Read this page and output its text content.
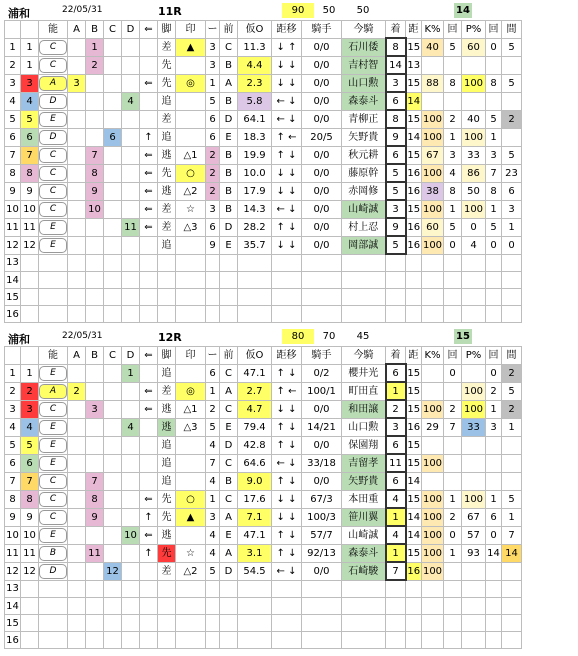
浦和	22/05/31	11R	90	50 50	14
		能	A	B	C	D	⇐	脚	印	ー	前	仮O	距移	騎手	今騎	着	距	K%	回	P%	回	間
1	1	C		1				差	▲	3	C	11.3	↓ ↑	0/0	石川倭	8	15	40	5	60	0	5
2	1	C		2				先		3	B	4.4	↓ ↓	0/0	吉村智	14	13					
3	3	A	3				⇐	先	◎	1	A	2.3	↓ ↓	0/0	山口勲	3	15	88	8	100	8	5
4	4	D				4		追		5	B	5.8	← ↓	0/0	森泰斗	6	14					
5	5	E						差		6	D	64.1	← ↓	0/0	青柳正	8	15	100	2	40	5	2
6	6	D			6		↑	追		6	E	18.3	↑ ←	20/5	矢野貴	9	14	100	1	100	1	
7	7	C		7			⇐	逃	△1	2	B	19.9	↑ ↓	0/0	秋元耕	6	15	67	3	33	3	5
8	8	C		8			⇐	先	○	2	B	10.0	↓ ↓	0/0	藤原幹	5	16	100	4	86	7	23
9	9	C		9			⇐	逃	△2	2	B	17.9	↓ ↓	0/0	赤岡修	5	16	38	8	50	8	6
10	10	C		10			⇐	差	☆	3	B	14.3	← ↓	0/0	山崎誠	3	15	100	1	100	1	3
11	11	E				11	⇐	差	△3	6	D	28.2	↑ ↓	0/0	村上忍	9	16	60	5	0	5	1
12	12	E						追		9	E	35.7	↓ ↓	0/0	岡部誠	5	16	100	0	4	0	0
13																						
14																						
15																						
16																						
浦和	22/05/31	12R	80	70 45	15
		能	A	B	C	D	⇐	脚	印	ー	前	仮O	距移	騎手	今騎	着	距	K%	回	P%	回	間
1	1	E				1		追		6	C	47.1	↑ ↓	0/2	櫻井光	6	15		0		0	2
2	2	A	2				⇐	差	◎	1	A	2.7	↑ ←	100/1	町田直	1	15			100	2	5
3	3	C		3			⇐	逃	△1	2	C	4.7	↓ ↓	0/0	和田譲	2	15	100	2	100	1	2
4	4	E				4		逃	△3	5	E	79.4	↑ ↓	14/21	山口勲	3	16	29	7	33	3	1
5	5	E						追		4	D	42.8	↑ ↓	0/0	保園翔	6	15					
6	6	E						追		7	C	64.6	← ↓	33/18	吉留孝	11	15	100				
7	7	C		7				追		4	B	9.0	↑ ↓	0/0	矢野貴	6	14					
8	8	C		8			⇐	先	○	1	C	17.6	↓ ↓	67/3	本田重	4	15	100	1	100	1	5
9	9	C		9			↑	先	▲	3	A	7.1	↓ ↓	100/3	笹川翼	1	14	100	2	67	6	1
10	10	E				10	⇐	逃		4	E	47.1	↑ ↓	57/7	山崎誠	4	14	100	0	57	0	7
11	11	B		11			↑	先	☆	4	A	3.1	↑ ↓	92/13	森泰斗	1	15	100	1	93	14	14
12	12	D			12			差	△2	5	D	54.5	← ↓	0/0	石崎駿	7	16	100				
13																						
14																						
15																						
16																						
